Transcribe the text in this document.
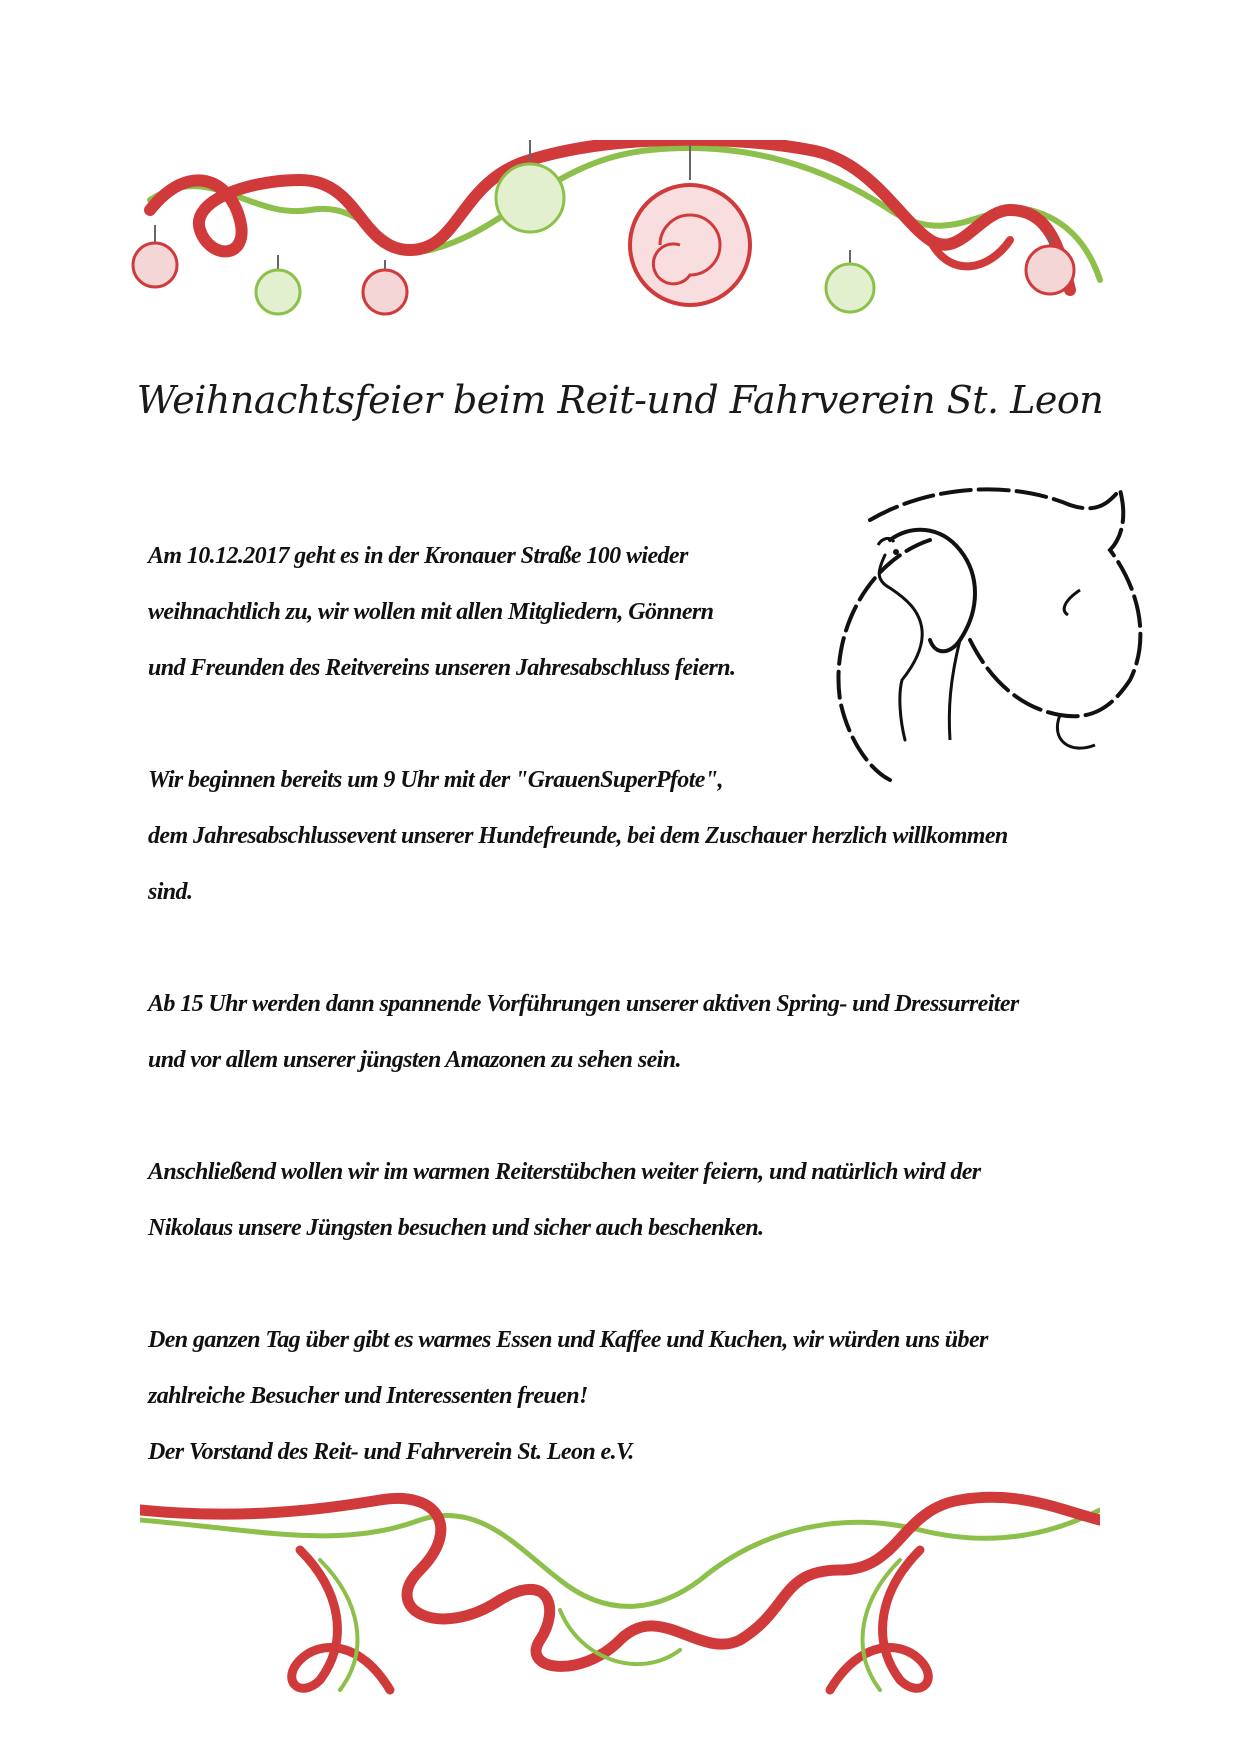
Weihnachtsfeier beim Reit-und Fahrverein St. Leon

Am 10.12.2017 geht es in der Kronauer Straße 100 wieder
weihnachtlich zu, wir wollen mit allen Mitgliedern, Gönnern
und Freunden des Reitvereins unseren Jahresabschluss feiern.

Wir beginnen bereits um 9 Uhr mit der "GrauenSuperPfote",
dem Jahresabschlussevent unserer Hundefreunde, bei dem Zuschauer herzlich willkommen
sind.

Ab 15 Uhr werden dann spannende Vorführungen unserer aktiven Spring- und Dressurreiter
und vor allem unserer jüngsten Amazonen zu sehen sein.

Anschließend wollen wir im warmen Reiterstübchen weiter feiern, und natürlich wird der
Nikolaus unsere Jüngsten besuchen und sicher auch beschenken.

Den ganzen Tag über gibt es warmes Essen und Kaffee und Kuchen, wir würden uns über
zahlreiche Besucher und Interessenten freuen!
Der Vorstand des Reit- und Fahrverein St. Leon e.V.
